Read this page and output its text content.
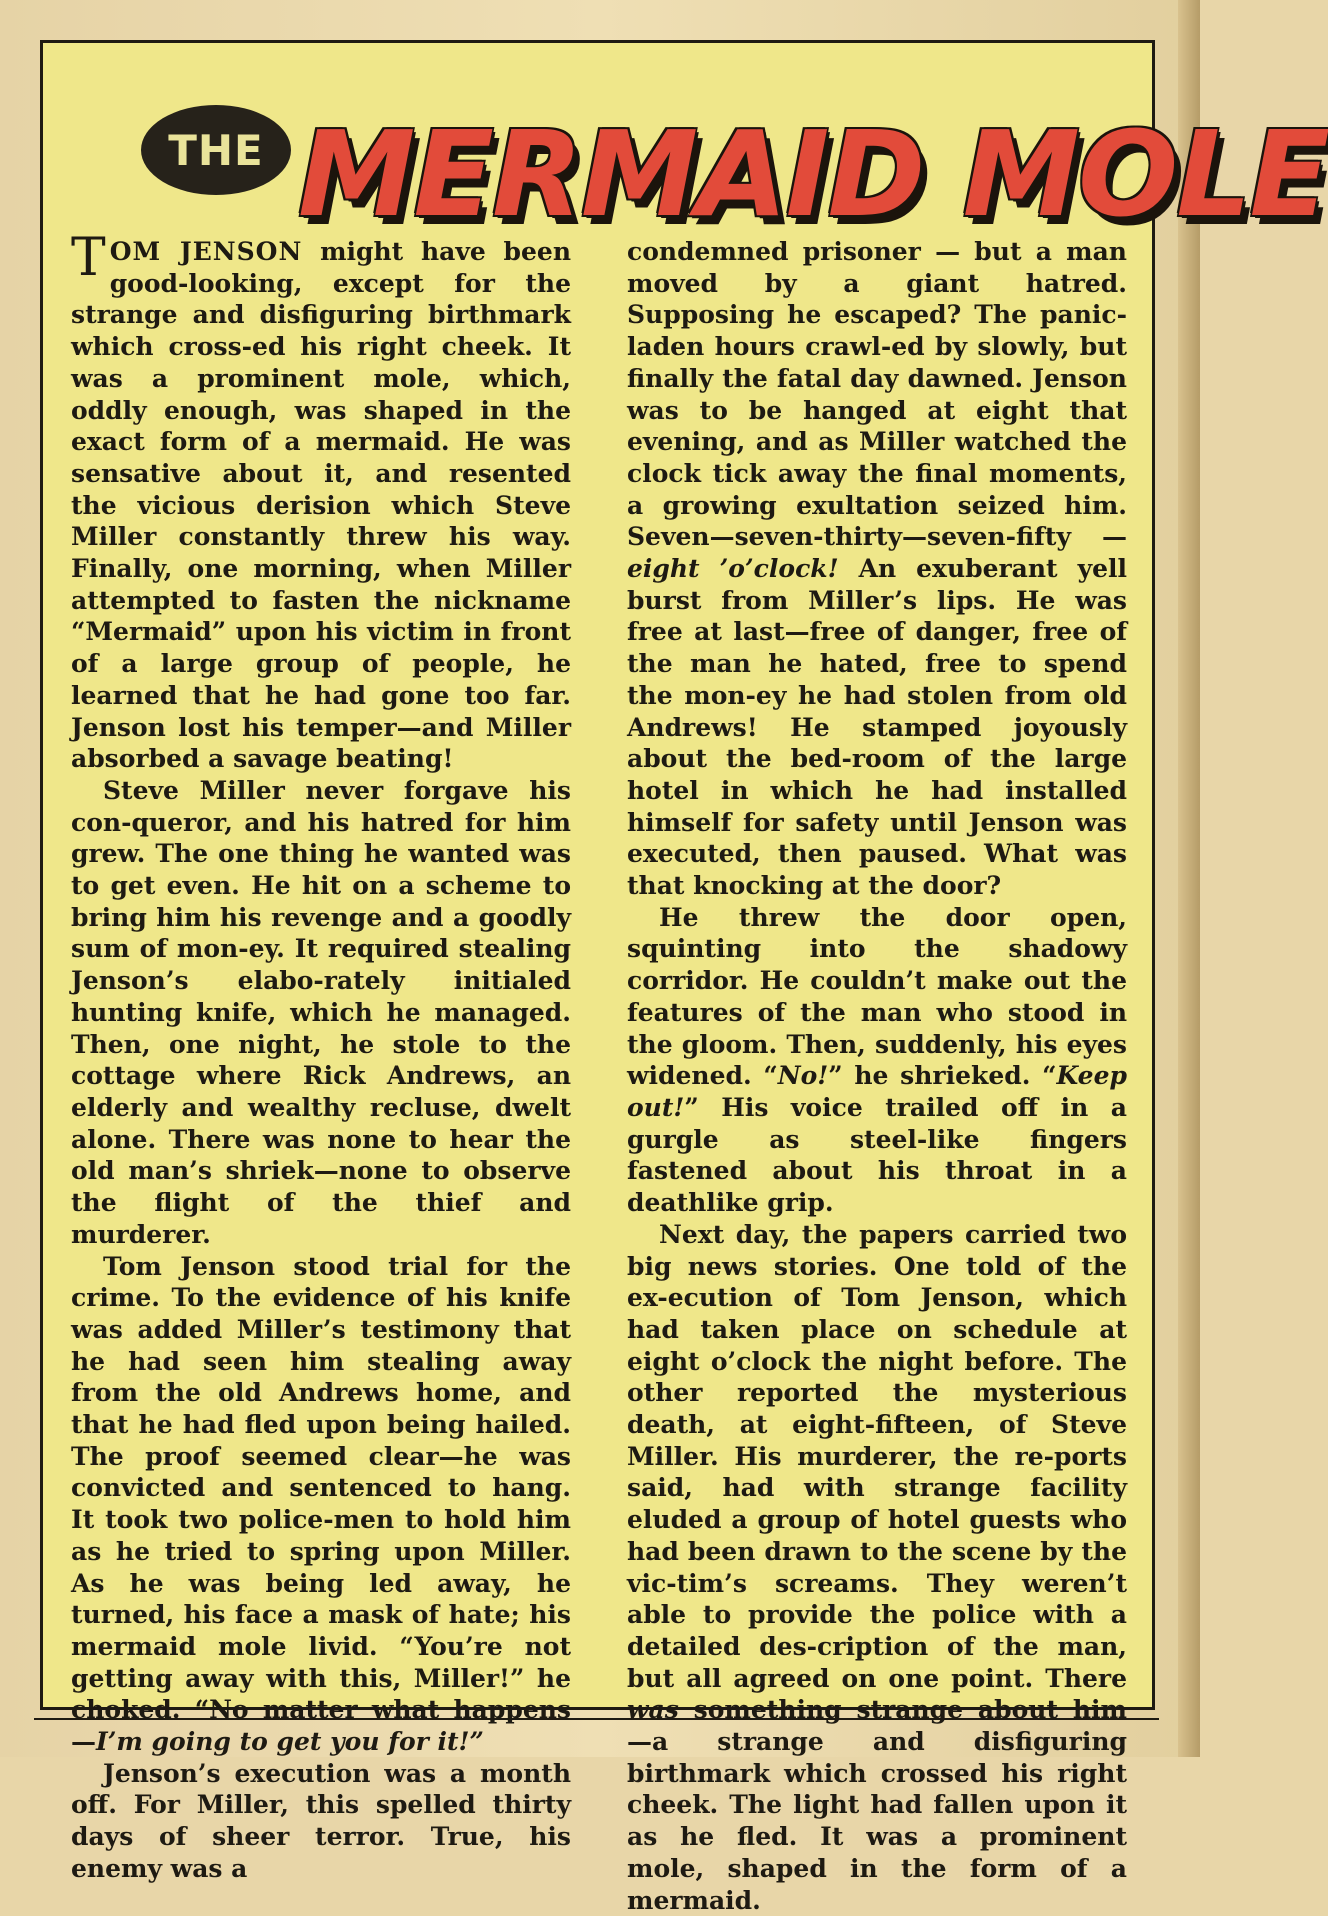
THE MERMAID MOLE

TOM JENSON might have been good-looking, except for the strange and disfiguring birthmark which cross-ed his right cheek. It was a prominent mole, which, oddly enough, was shaped in the exact form of a mermaid. He was sensative about it, and resented the vicious derision which Steve Miller constantly threw his way. Finally, one morning, when Miller attempted to fasten the nickname “Mermaid” upon his victim in front of a large group of people, he learned that he had gone too far. Jenson lost his temper—and Miller absorbed a savage beating!

Steve Miller never forgave his con-queror, and his hatred for him grew. The one thing he wanted was to get even. He hit on a scheme to bring him his revenge and a goodly sum of mon-ey. It required stealing Jenson’s elabo-rately initialed hunting knife, which he managed. Then, one night, he stole to the cottage where Rick Andrews, an elderly and wealthy recluse, dwelt alone. There was none to hear the old man’s shriek—none to observe the flight of the thief and murderer.

Tom Jenson stood trial for the crime. To the evidence of his knife was added Miller’s testimony that he had seen him stealing away from the old Andrews home, and that he had fled upon being hailed. The proof seemed clear—he was convicted and sentenced to hang. It took two police-men to hold him as he tried to spring upon Miller. As he was being led away, he turned, his face a mask of hate; his mermaid mole livid. “You’re not getting away with this, Miller!” he choked. “No matter what happens—I’m going to get you for it!”

Jenson’s execution was a month off. For Miller, this spelled thirty days of sheer terror. True, his enemy was a

condemned prisoner — but a man moved by a giant hatred. Supposing he escaped? The panic-laden hours crawl-ed by slowly, but finally the fatal day dawned. Jenson was to be hanged at eight that evening, and as Miller watched the clock tick away the final moments, a growing exultation seized him. Seven—seven-thirty—seven-fifty —eight ’o’clock! An exuberant yell burst from Miller’s lips. He was free at last—free of danger, free of the man he hated, free to spend the mon-ey he had stolen from old Andrews! He stamped joyously about the bed-room of the large hotel in which he had installed himself for safety until Jenson was executed, then paused. What was that knocking at the door?

He threw the door open, squinting into the shadowy corridor. He couldn’t make out the features of the man who stood in the gloom. Then, suddenly, his eyes widened. “No!” he shrieked. “Keep out!” His voice trailed off in a gurgle as steel-like fingers fastened about his throat in a deathlike grip.

Next day, the papers carried two big news stories. One told of the ex-ecution of Tom Jenson, which had taken place on schedule at eight o’clock the night before. The other reported the mysterious death, at eight-fifteen, of Steve Miller. His murderer, the re-ports said, had with strange facility eluded a group of hotel guests who had been drawn to the scene by the vic-tim’s screams. They weren’t able to provide the police with a detailed des-cription of the man, but all agreed on one point. There was something strange about him—a strange and disfiguring birthmark which crossed his right cheek. The light had fallen upon it as he fled. It was a prominent mole, shaped in the form of a mermaid.
